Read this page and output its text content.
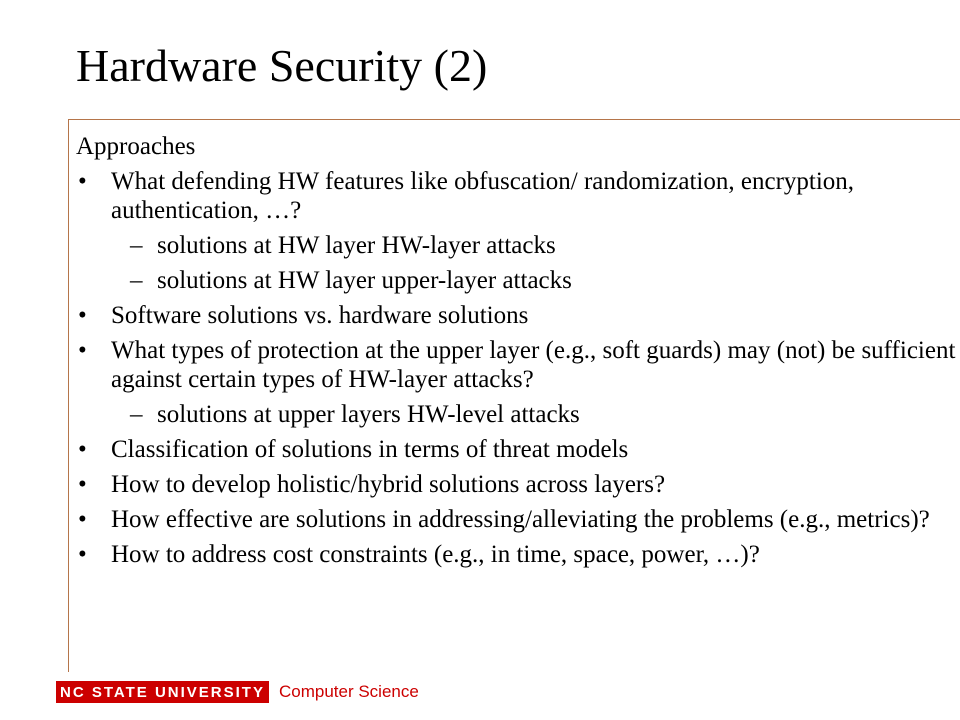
Hardware Security (2)
Approaches
• What defending HW features like obfuscation/ randomization, encryption, authentication, …?
– solutions at HW layer HW-layer attacks
– solutions at HW layer upper-layer attacks
• Software solutions vs. hardware solutions
• What types of protection at the upper layer (e.g., soft guards) may (not) be sufficient against certain types of HW-layer attacks?
– solutions at upper layers HW-level attacks
• Classification of solutions in terms of threat models
• How to develop holistic/hybrid solutions across layers?
• How effective are solutions in addressing/alleviating the problems (e.g., metrics)?
• How to address cost constraints (e.g., in time, space, power, …)?
NC STATE UNIVERSITY Computer Science
